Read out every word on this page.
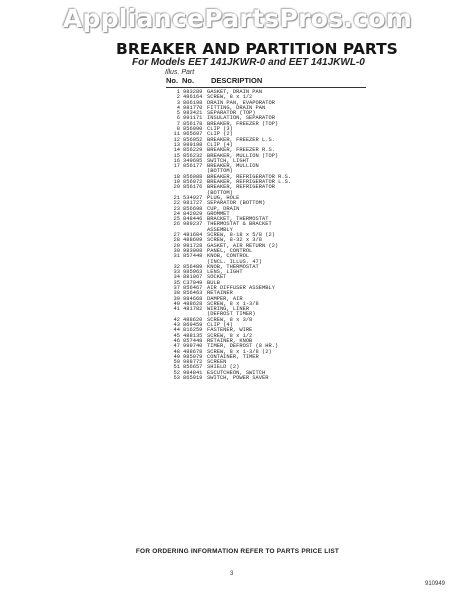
AppliancePartsPros.com
BREAKER AND PARTITION PARTS
For Models EET 141JKWR-0 and EET 141JKWL-0
Illus. Part
No. No. DESCRIPTION
1 983289 GASKET, DRAIN PAN
2 486164 SCREW, 8 x 1/2
3 806198 DRAIN PAN, EVAPORATOR
4 981770 FITTING, DRAIN PAN
5 983421 SEPARATOR (TOP)
6 991171 INSULATION, SEPARATOR
7 856178 BREAKER, FREEZER (TOP)
8 856090 CLIP (3)
11 965697 CLIP (2)
12 856052 BREAKER, FREEZER L.S.
13 989198 CLIP (4)
14 856229 BREAKER, FREEZER R.S.
15 856232 BREAKER, MULLION (TOP)
16 349695 SWITCH, LIGHT
17 856177 BREAKER, MULLION
(BOTTOM)
18 856088 BREAKER, REFRIGERATOR R.S.
19 856072 BREAKER, REFRIGERATOR L.S.
20 856176 BREAKER, REFRIGERATOR
(BOTTOM)
21 534927 PLUG, HOLE
22 981727 SEPARATOR (BOTTOM)
23 856698 CUP, DRAIN
24 842029 GROMMET
25 848446 BRACKET, THERMOSTAT
26 989237 THERMOSTAT & BRACKET
ASSEMBLY
27 481684 SCREW, 8-18 x 5/8 (2)
28 488609 SCREW, 8-32 x 3/8
29 981728 GASKET, AIR RETURN (2)
30 983908 PANEL, CONTROL
31 857448 KNOB, CONTROL
(INCL. ILLUS. 47)
32 856489 KNOB, THERMOSTAT
33 985963 LENS, LIGHT
34 881067 SOCKET
35 C37049 BULB
37 856467 AIR DIFFUSER ASSEMBLY
38 856463 RETAINER
39 984668 DAMPER, AIR
40 488628 SCREW, 8 x 1-3/8
41 481782 WIRING, LINER
(DEFROST TIMER)
42 488620 SCREW, 8 x 3/8
43 869459 CLIP (4)
44 816259 FASTENER, WIRE
45 488135 SCREW, 8 x 1/2
46 857448 RETAINER, KNOB
47 999740 TIMER, DEFROST (8 HR.)
48 488678 SCREW, 8 x 1-3/8 (2)
49 985079 CONTAINER, TIMER
50 988772 SCREEN
51 856657 SHIELD (2)
52 984841 ESCUTCHEON, SWITCH
53 865019 SWITCH, POWER SAVER
FOR ORDERING INFORMATION REFER TO PARTS PRICE LIST
3
910949
